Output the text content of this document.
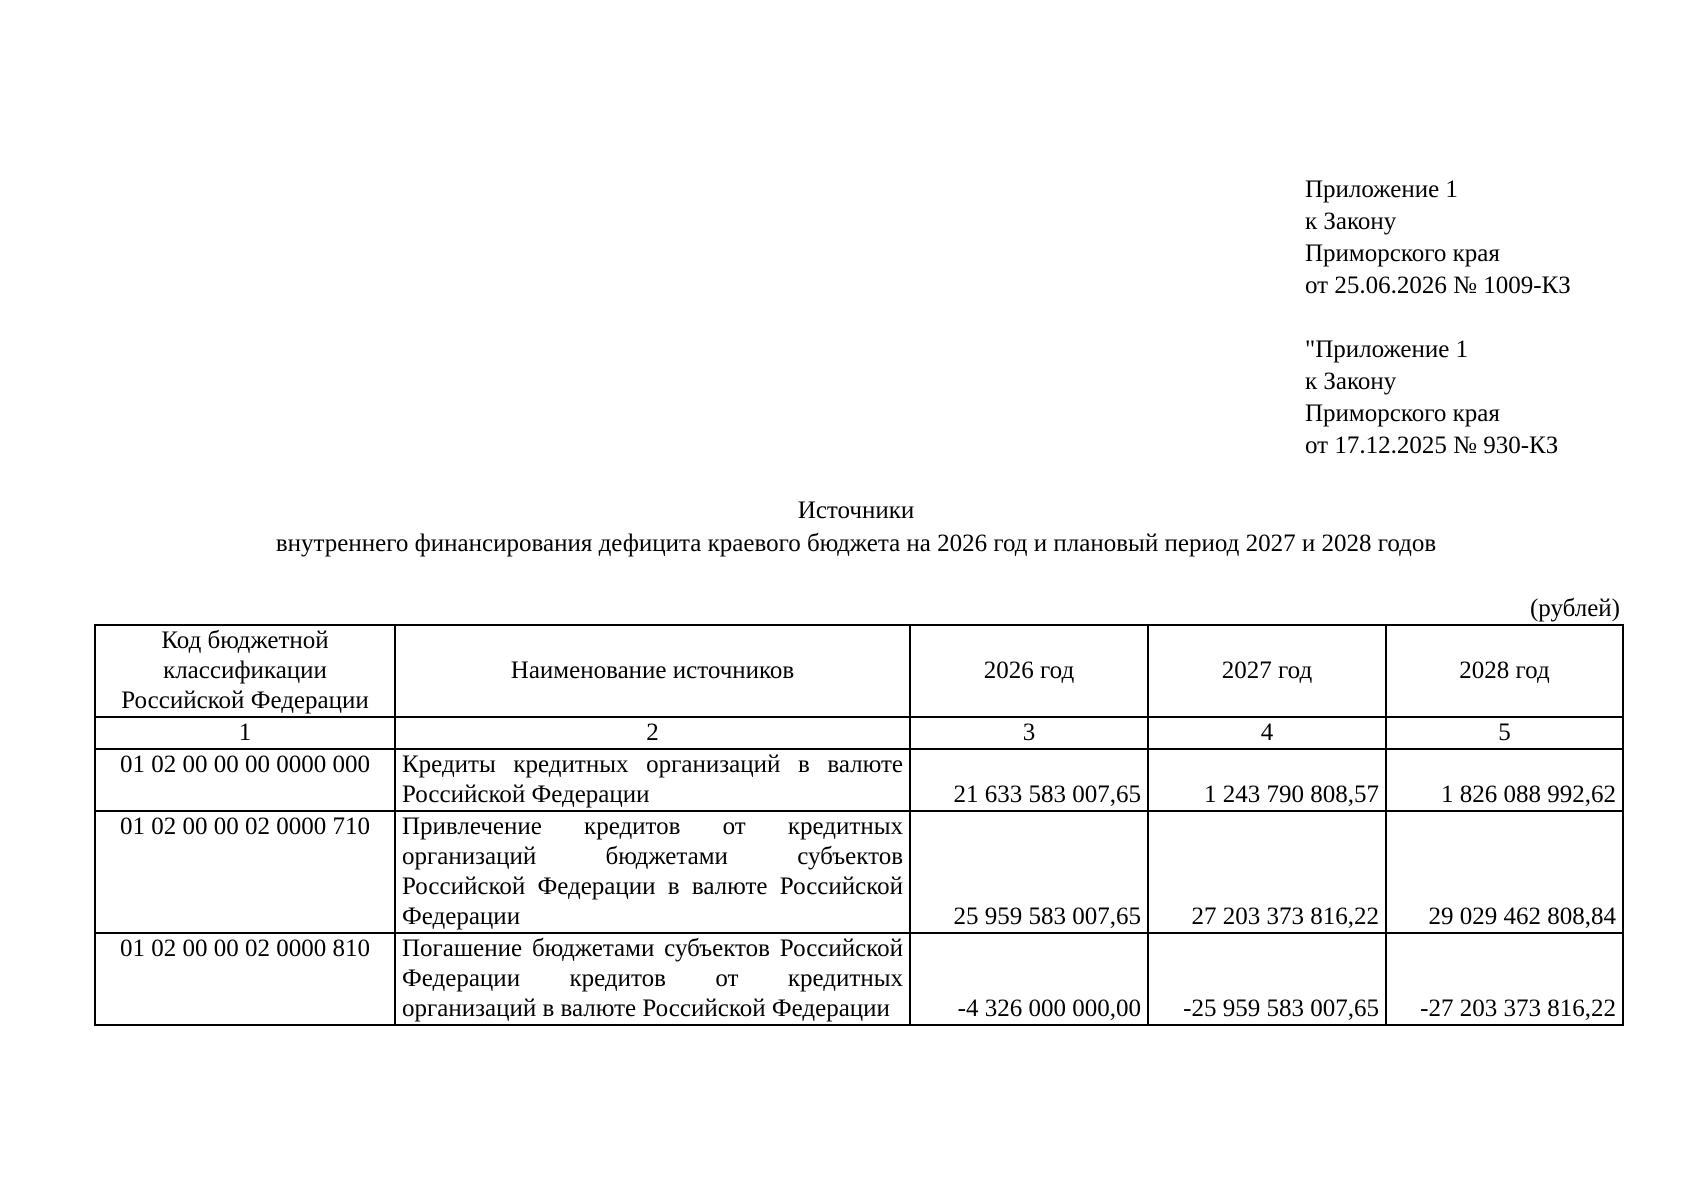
Приложение 1
к Закону
Приморского края
от 25.06.2026 № 1009-КЗ
"Приложение 1
к Закону
Приморского края
от 17.12.2025 № 930-КЗ
Источники
внутреннего финансирования дефицита краевого бюджета на 2026 год и плановый период 2027 и 2028 годов
(рублей)
Код бюджетной классификации Российской Федерации	Наименование источников	2026 год	2027 год	2028 год
1	2	3	4	5
01 02 00 00 00 0000 000	Кредиты кредитных организаций в валюте Российской Федерации	21 633 583 007,65	1 243 790 808,57	1 826 088 992,62
01 02 00 00 02 0000 710	Привлечение кредитов от кредитных организаций бюджетами субъектов Российской Федерации в валюте Российской Федерации	25 959 583 007,65	27 203 373 816,22	29 029 462 808,84
01 02 00 00 02 0000 810	Погашение бюджетами субъектов Российской Федерации кредитов от кредитных организаций в валюте Российской Федерации	-4 326 000 000,00	-25 959 583 007,65	-27 203 373 816,22
